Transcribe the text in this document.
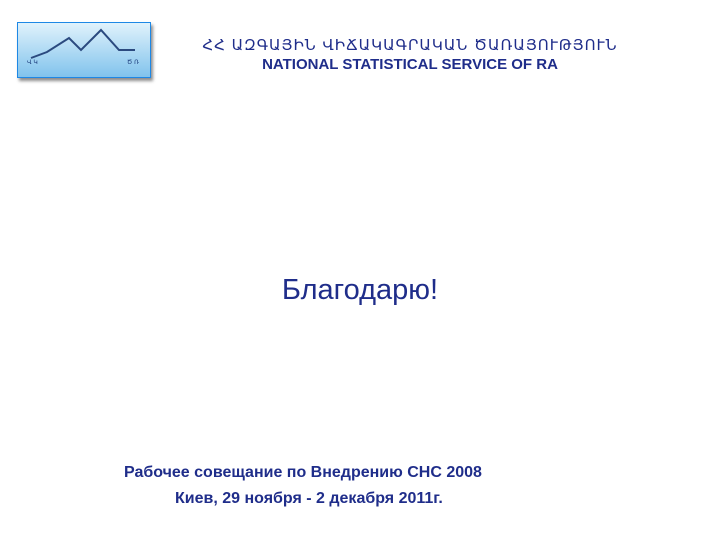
Վ Կ	Ծ Ռ
ՀՀ ԱԶԳԱՅԻՆ ՎԻՃԱԿԱԳՐԱԿԱՆ ԾԱՌԱՅՈՒԹՅՈՒՆ
NATIONAL STATISTICAL SERVICE OF RA
Благодарю!
Рабочее совещание по Внедрению СНС 2008
Киев, 29 ноября - 2 декабря 2011г.
